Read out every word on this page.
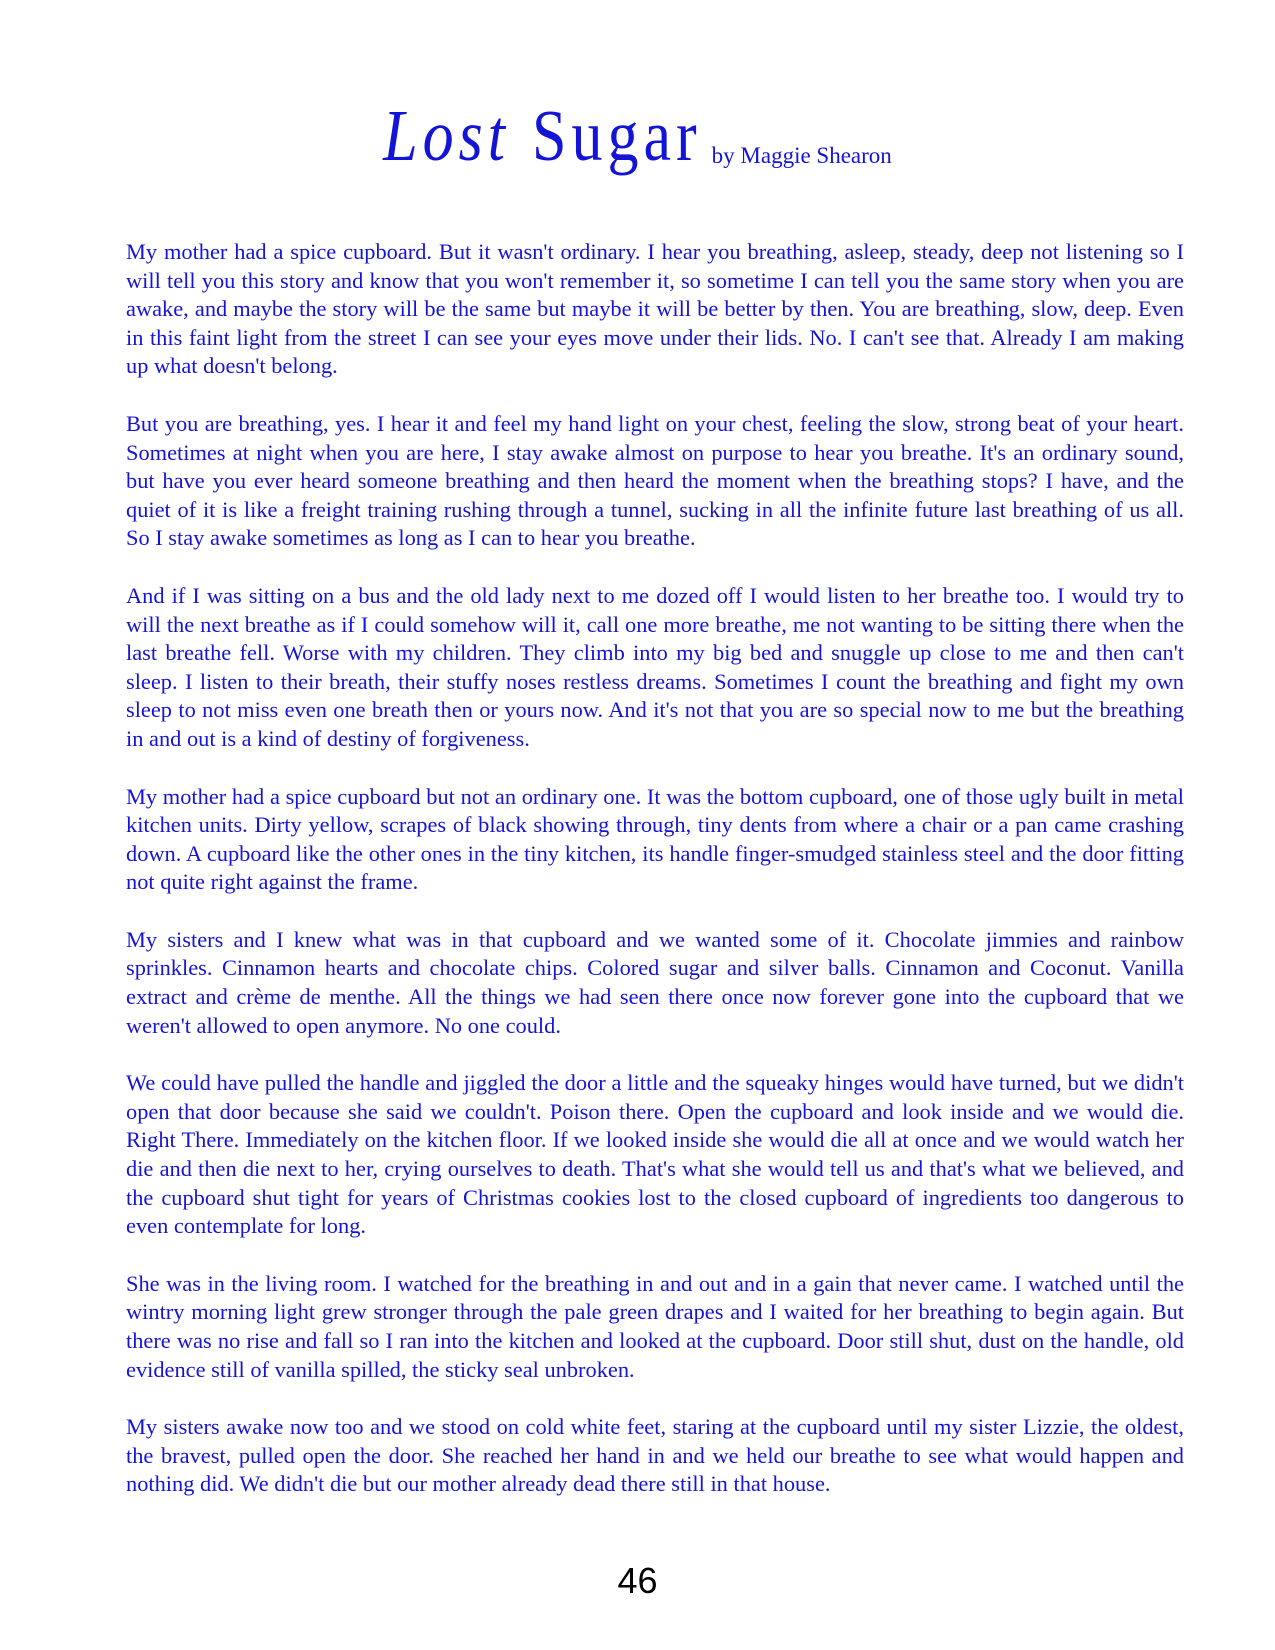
Lost Sugar by Maggie Shearon

My mother had a spice cupboard. But it wasn't ordinary. I hear you breathing, asleep, steady, deep not listening so I will tell you this story and know that you won't remember it, so sometime I can tell you the same story when you are awake, and maybe the story will be the same but maybe it will be better by then. You are breathing, slow, deep. Even in this faint light from the street I can see your eyes move under their lids. No. I can't see that. Already I am making up what doesn't belong.

But you are breathing, yes. I hear it and feel my hand light on your chest, feeling the slow, strong beat of your heart. Sometimes at night when you are here, I stay awake almost on purpose to hear you breathe. It's an ordinary sound, but have you ever heard someone breathing and then heard the moment when the breathing stops? I have, and the quiet of it is like a freight training rushing through a tunnel, sucking in all the infinite future last breathing of us all. So I stay awake sometimes as long as I can to hear you breathe.

And if I was sitting on a bus and the old lady next to me dozed off I would listen to her breathe too. I would try to will the next breathe as if I could somehow will it, call one more breathe, me not wanting to be sitting there when the last breathe fell. Worse with my children. They climb into my big bed and snuggle up close to me and then can't sleep. I listen to their breath, their stuffy noses restless dreams. Sometimes I count the breathing and fight my own sleep to not miss even one breath then or yours now. And it's not that you are so special now to me but the breathing in and out is a kind of destiny of forgiveness.

My mother had a spice cupboard but not an ordinary one. It was the bottom cupboard, one of those ugly built in metal kitchen units. Dirty yellow, scrapes of black showing through, tiny dents from where a chair or a pan came crashing down. A cupboard like the other ones in the tiny kitchen, its handle finger-smudged stainless steel and the door fitting not quite right against the frame.

My sisters and I knew what was in that cupboard and we wanted some of it. Chocolate jimmies and rainbow sprinkles. Cinnamon hearts and chocolate chips. Colored sugar and silver balls. Cinnamon and Coconut. Vanilla extract and crème de menthe. All the things we had seen there once now forever gone into the cupboard that we weren't allowed to open anymore. No one could.

We could have pulled the handle and jiggled the door a little and the squeaky hinges would have turned, but we didn't open that door because she said we couldn't. Poison there. Open the cupboard and look inside and we would die. Right There. Immediately on the kitchen floor. If we looked inside she would die all at once and we would watch her die and then die next to her, crying ourselves to death. That's what she would tell us and that's what we believed, and the cupboard shut tight for years of Christmas cookies lost to the closed cupboard of ingredients too dangerous to even contemplate for long.

She was in the living room. I watched for the breathing in and out and in a gain that never came. I watched until the wintry morning light grew stronger through the pale green drapes and I waited for her breathing to begin again. But there was no rise and fall so I ran into the kitchen and looked at the cupboard. Door still shut, dust on the handle, old evidence still of vanilla spilled, the sticky seal unbroken.

My sisters awake now too and we stood on cold white feet, staring at the cupboard until my sister Lizzie, the oldest, the bravest, pulled open the door. She reached her hand in and we held our breathe to see what would happen and nothing did. We didn't die but our mother already dead there still in that house.

46
